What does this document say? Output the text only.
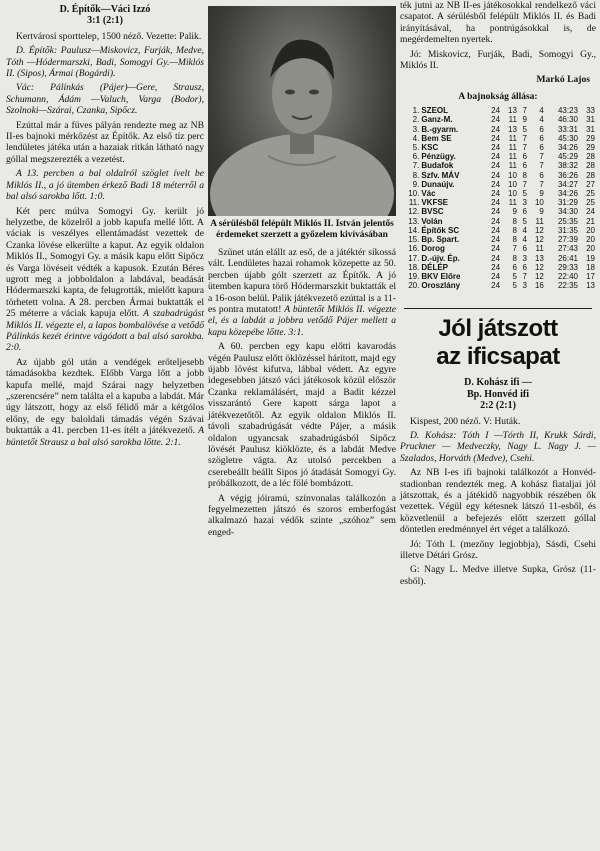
D. Építők—Váci Izzó
3:1 (2:1)

Kertvárosi sporttelep, 1500 néző. Vezette: Palik.

D. Építők: Paulusz—Miskovicz, Furják, Medve, Tóth —Hódermarszki, Badi, Somogyi Gy.—Miklós II. (Sipos), Ármai (Bogárdi).

Vác: Pálinkás (Pájer)—Gere, Strausz, Schumann, Ádám —Valuch, Varga (Bodor), Szolnoki—Szárai, Czanka, Sipőcz.

Ezúttal már a füves pályán rendezte meg az NB II-es bajnoki mérkőzést az Építők. Az első tíz perc lendületes játéka után a hazaiak ritkán látható nagy góllal megszerezték a vezetést.

A 13. percben a bal oldalról szöglet ívelt be Miklós II., a jó ütemben érkező Badi 18 méterről a bal alsó sarokba lőtt. 1:0.

Két perc múlva Somogyi Gy. került jó helyzetbe, de közelről a jobb kapufa mellé lőtt. A váciak is veszélyes ellentámadást vezettek de Czanka lövése elkerülte a kaput. Az egyik oldalon Miklós II., Somogyi Gy. a másik kapu előtt Sipőcz és Varga lövéseit védték a kapusok. Ezután Béres ugrott meg a jobboldalon a labdával, beadását Hódermarszki kapta, de felugrották, mielőtt kapura törhetett volna. A 28. percben Ármai buktatták el 25 méterre a váciak kapuja előtt. A szabadrúgást Miklós II. végezte el, a lapos bombalövése a vetődő Pálinkás kezét érintve vágódott a bal alsó sarokba. 2:0.

Az újabb gól után a vendégek erőteljesebb támadásokba kezdtek. Előbb Varga lőtt a jobb kapufa mellé, majd Szárai nagy helyzetben „szerencsére” nem találta el a kapuba a labdát. Már úgy látszott, hogy az első félidő már a kétgólos előny, de egy baloldali támadás végén Szávai buktatták a 41. percben 11-es ítélt a játékvezető. A büntetőt Strausz a bal alsó sarokba lőtte. 2:1.

A sérülésből felépült Miklós II. István jelentős érdemeket szerzett a győzelem kivívásában

Szünet után elállt az eső, de a játéktér síkossá vált. Lendületes hazai rohamok közepette az 50. percben újabb gólt szerzett az Építők. A jó ütemben kapura törő Hódermarszkit buktatták el a 16-oson belül. Palik játékvezető ezúttal is a 11-es pontra mutatott! A büntetőt Miklós II. végezte el, és a labdát a jobbra vetődő Pájer mellett a kapu közepébe lőtte. 3:1.

A 60. percben egy kapu előtti kavarodás végén Paulusz előtt öklözéssel hárított, majd egy újabb lövést kifutva, lábbal védett. Az egyre idegesebben játszó váci játékosok közül először Czanka reklamálásért, majd a Badit kézzel visszarántó Gere kapott sárga lapot a játékvezetőtől. Az egyik oldalon Miklós II. távoli szabadrúgását védte Pájer, a másik oldalon ugyancsak szabadrúgásból Sipőcz lövését Paulusz kiöklözte, és a labdát Medve szögletre vágta. Az utolsó percekben a cserebeállt beállt Sipos jó átadását Somogyi Gy. próbálkozott, de a léc fölé bombázott.

A végig jóiramú, színvonalas találkozón a fegyelmezetten játszó és szoros emberfogást alkalmazó hazai védők szinte „szóhoz” sem enged-

ték jutni az NB II-es játékosokkal rendelkező váci csapatot. A sérülésből felépült Miklós II. és Badi irányításával, ha pontrúgásokkal is, de megérdemelten nyertek.

Jó: Miskovicz, Furják, Badi, Somogyi Gy., Miklós II.

Markó Lajos
A bajnokság állása:
1.	SZEOL	24	13	7	4	43:23	33
2.	Ganz-M.	24	11	9	4	46:30	31
3.	B.-gyarm.	24	13	5	6	33:31	31
4.	Bem SE	24	11	7	6	45:30	29
5.	KSC	24	11	7	6	34:26	29
6.	Pénzügy.	24	11	6	7	45:29	28
7.	Budafok	24	11	6	7	38:32	28
8.	Szfv. MÁV	24	10	8	6	36:26	28
9.	Dunaújv.	24	10	7	7	34:27	27
10.	Vác	24	10	5	9	34:26	25
11.	VKFSE	24	11	3	10	31:29	25
12.	BVSC	24	9	6	9	34:30	24
13.	Volán	24	8	5	11	25:35	21
14.	Építők SC	24	8	4	12	31:35	20
15.	Bp. Spart.	24	8	4	12	27:39	20
16.	Dorog	24	7	6	11	27:43	20
17.	D.-újv. Ép.	24	8	3	13	26:41	19
18.	DÉLÉP	24	6	6	12	29:33	18
19.	BKV Előre	24	5	7	12	22:40	17
20.	Oroszlány	24	5	3	16	22:35	13
Jól játszott
az ificsapat
D. Kohász ifi —
Bp. Honvéd ifi
2:2 (2:1)

Kispest, 200 néző. V: Huták.

D. Kohász: Tóth I —Tórth II, Krukk Sárdi, Pruckner — Medveczky, Nagy L. Nagy J. — Szalados, Horváth (Medve), Csehi.

Az NB I-es ifi bajnoki találkozót a Honvéd-stadionban rendezték meg. A kohász fiataljai jól játszottak, és a játékidő nagyobbik részében ők vezettek. Végül egy kétesnek látszó 11-esből, és közvetlenül a befejezés előtt szerzett góllal döntetlen eredménnyel ért véget a találkozó.

Jó: Tóth I. (mezőny legjobbja), Sásdi, Csehi illetve Détári Grósz.

G: Nagy L. Medve illetve Supka, Grósz (11-esből).
